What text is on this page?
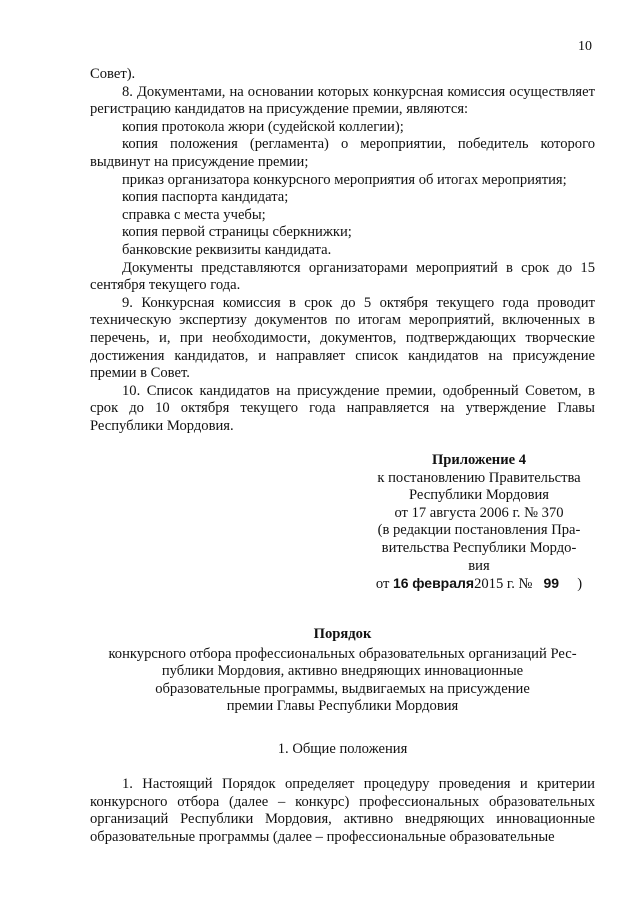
10

Совет).

8. Документами, на основании которых конкурсная комиссия осуществляет регистрацию кандидатов на присуждение премии, являются:

копия протокола жюри (судейской коллегии);

копия положения (регламента) о мероприятии, победитель которого выдвинут на присуждение премии;

приказ организатора конкурсного мероприятия об итогах мероприятия;

копия паспорта кандидата;

справка с места учебы;

копия первой страницы сберкнижки;

банковские реквизиты кандидата.

Документы представляются организаторами мероприятий в срок до 15 сентября текущего года.

9. Конкурсная комиссия в срок до 5 октября текущего года проводит техническую экспертизу документов по итогам мероприятий, включенных в перечень, и, при необходимости, документов, подтверждающих творческие достижения кандидатов, и направляет список кандидатов на присуждение премии в Совет.

10. Список кандидатов на присуждение премии, одобренный Советом, в срок до 10 октября текущего года направляется на утверждение Главы Республики Мордовия.

Приложение 4
к постановлению Правительства
Республики Мордовия
от 17 августа 2006 г. № 370
(в редакции постановления Пра-
вительства Республики Мордо-
вия
от 16 февраля2015 г. № 99 )
Порядок
конкурсного отбора профессиональных образовательных организаций Рес-
публики Мордовия, активно внедряющих инновационные
образовательные программы, выдвигаемых на присуждение
премии Главы Республики Мордовия
1. Общие положения

1. Настоящий Порядок определяет процедуру проведения и критерии конкурсного отбора (далее – конкурс) профессиональных образовательных организаций Республики Мордовия, активно внедряющих инновационные образовательные программы (далее – профессиональные образовательные
